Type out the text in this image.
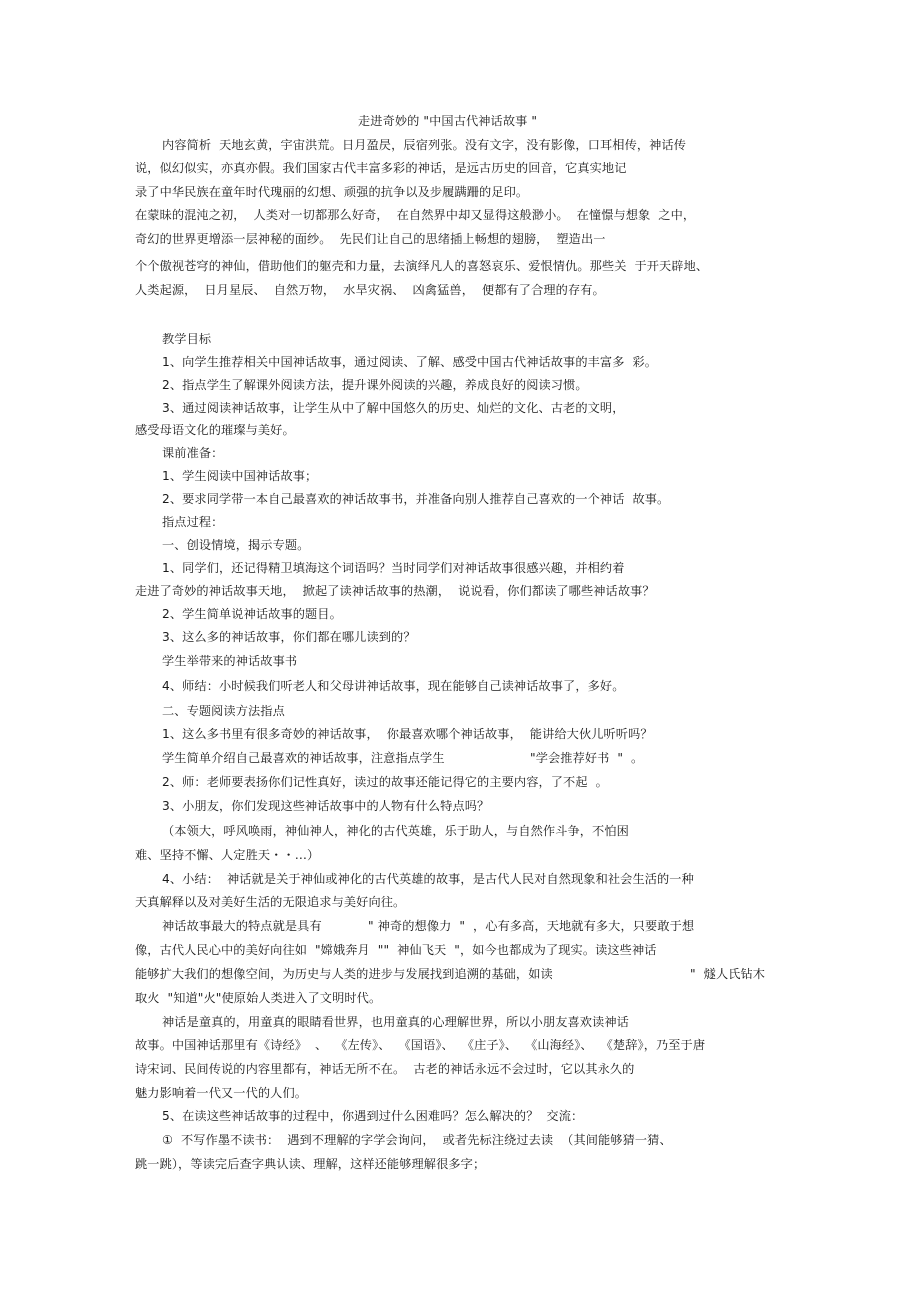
走进奇妙的 "中国古代神话故事 "
内容简析  天地玄黄，宇宙洪荒。日月盈昃，辰宿列张。没有文字，没有影像，口耳相传，神话传
说，似幻似实，亦真亦假。我们国家古代丰富多彩的神话，是远古历史的回音，它真实地记
录了中华民族在童年时代瑰丽的幻想、顽强的抗争以及步履蹒跚的足印。
在蒙昧的混沌之初，  人类对一切都那么好奇，  在自然界中却又显得这般渺小。  在憧憬与想象  之中，
奇幻的世界更增添一层神秘的面纱。  先民们让自己的思绪插上畅想的翅膀，  塑造出一
个个傲视苍穹的神仙，借助他们的躯壳和力量，去演绎凡人的喜怒哀乐、爱恨情仇。那些关  于开天辟地、
人类起源，  日月星辰、  自然万物，  水旱灾祸、  凶禽猛兽，  便都有了合理的存有。
教学目标
1、向学生推荐相关中国神话故事，通过阅读、了解、感受中国古代神话故事的丰富多  彩。
2、指点学生了解课外阅读方法，提升课外阅读的兴趣，养成良好的阅读习惯。
3、通过阅读神话故事，让学生从中了解中国悠久的历史、灿烂的文化、古老的文明，
感受母语文化的璀璨与美好。
课前准备：
1、学生阅读中国神话故事；
2、要求同学带一本自己最喜欢的神话故事书，并准备向别人推荐自己喜欢的一个神话  故事。
指点过程：
一、创设情境，揭示专题。
1、同学们，还记得精卫填海这个词语吗？当时同学们对神话故事很感兴趣，并相约着
走进了奇妙的神话故事天地，  掀起了读神话故事的热潮，  说说看，你们都读了哪些神话故事？
2、学生简单说神话故事的题目。
3、这么多的神话故事，你们都在哪儿读到的？
学生举带来的神话故事书
4、师结：小时候我们听老人和父母讲神话故事，现在能够自己读神话故事了，多好。
二、专题阅读方法指点
1、这么多书里有很多奇妙的神话故事，  你最喜欢哪个神话故事，  能讲给大伙儿听听吗？
学生简单介绍自己最喜欢的神话故事，注意指点学生	"学会推荐好书  "  。
2、师：老师要表扬你们记性真好，读过的故事还能记得它的主要内容，了不起  。
3、小朋友，你们发现这些神话故事中的人物有什么特点吗？
（本领大，呼风唤雨，神仙神人，神化的古代英雄，乐于助人，与自然作斗争，不怕困
难、坚持不懈、人定胜天・・…）
4、小结：  神话就是关于神仙或神化的古代英雄的故事，是古代人民对自然现象和社会生活的一种
天真解释以及对美好生活的无限追求与美好向往。
神话故事最大的特点就是具有	" 神奇的想像力  "  ，心有多高，天地就有多大，只要敢于想
像，古代人民心中的美好向往如  "嫦娥奔月  ""  神仙飞天  "，如今也都成为了现实。读这些神话
能够扩大我们的想像空间，为历史与人类的进步与发展找到追溯的基础，如读	"  燧人氏钻木
取火  "知道"火"使原始人类进入了文明时代。
神话是童真的，用童真的眼睛看世界，也用童真的心理解世界，所以小朋友喜欢读神话
故事。中国神话那里有《诗经》  、  《左传》、  《国语》、  《庄子》、  《山海经》、  《楚辞》，乃至于唐
诗宋词、民间传说的内容里都有，神话无所不在。  古老的神话永远不会过时，它以其永久的
魅力影响着一代又一代的人们。
5、在读这些神话故事的过程中，你遇到过什么困难吗？怎么解决的？  交流：
①  不写作墨不读书：  遇到不理解的字学会询问，  或者先标注绕过去读  （其间能够猜一猜、
跳一跳），等读完后查字典认读、理解，这样还能够理解很多字；
